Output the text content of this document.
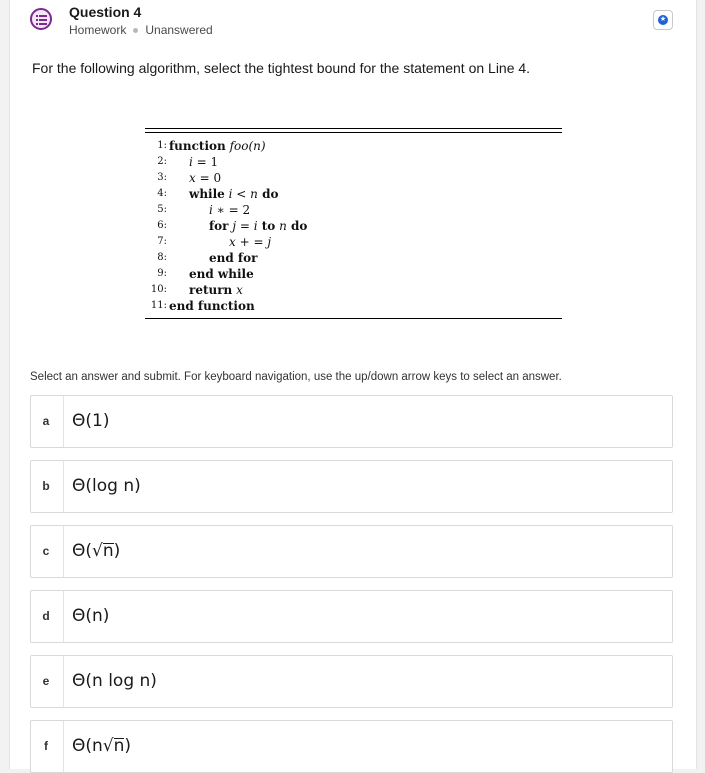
Question 4
Homework Unanswered
★
For the following algorithm, select the tightest bound for the statement on Line 4.
1: function foo(n)
2: i = 1
3: x = 0
4: while i < n do
5:	i ∗ = 2
6:	for j = i to n do
7:	x + = j
8:	end for
9: end while
10: return x
11: end function
Select an answer and submit. For keyboard navigation, use the up/down arrow keys to select an answer.
a Θ(1)
b Θ(log n)
c Θ(√n)
d Θ(n)
e Θ(n log n)
f Θ(n√n)
